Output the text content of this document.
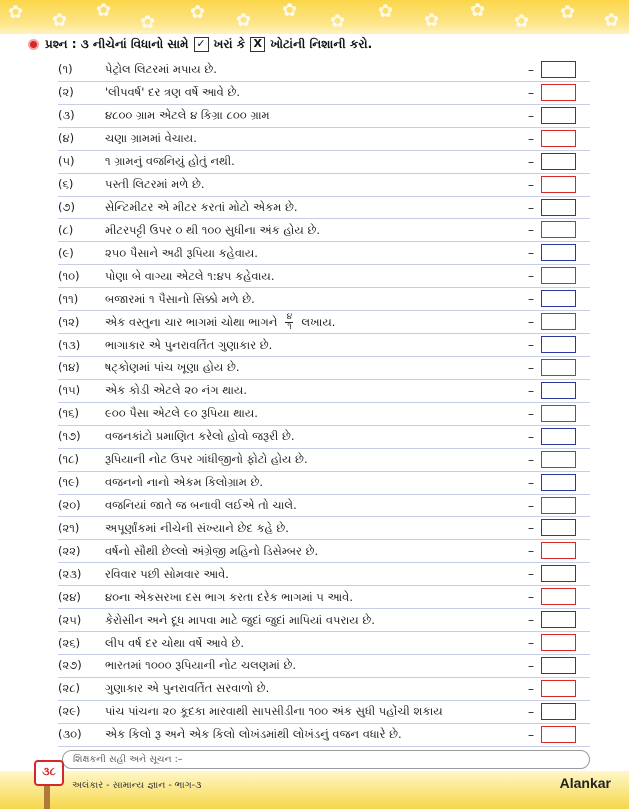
✿ ✿ ✿
✿ ✿ ✿ ✿
✿ ✿ ✿ ✿
✿ ✿ ✿
પ્રશ્ન : ૩ નીચેનાં વિધાનો સામે ✓ ખરાં કે X ખોટાંની નિશાની કરો.
(૧)	પેટ્રોલ લિટરમાં મપાય છે.	–
(૨)	'લીપવર્ષ' દર ત્રણ વર્ષે આવે છે.	–
(૩)	૪૮૦૦ ગ્રામ એટલે ૪ કિગ્રા ૮૦૦ ગ્રામ	–
(૪)	ચણા ગ્રામમાં વેચાય.	–
(૫)	૧ ગ્રામનું વજનિયું હોતું નથી.	–
(૬)	પસ્તી લિટરમાં મળે છે.	–
(૭)	સેન્ટિમીટર એ મીટર કરતાં મોટો એકમ છે.	–
(૮)	મીટરપટ્ટી ઉપર ૦ થી ૧૦૦ સુધીના અંક હોય છે.	–
(૯)	૨૫૦ પૈસાને અઢી રૂપિયા કહેવાય.	–
(૧૦)	પોણા બે વાગ્યા એટલે ૧:૪૫ કહેવાય.	–
(૧૧)	બજારમાં ૧ પૈસાનો સિક્કો મળે છે.	–
(૧૨)	એક વસ્તુના ચાર ભાગમાં ચોથા ભાગને $\frac{૪}{૧}$ લખાય.	–
(૧૩)	ભાગાકાર એ પુનરાવર્તિત ગુણાકાર છે.	–
(૧૪)	ષટ્કોણમાં પાંચ ખૂણા હોય છે.	–
(૧૫)	એક કોડી એટલે ૨૦ નંગ થાય.	–
(૧૬)	૯૦૦ પૈસા એટલે ૯૦ રૂપિયા થાય.	–
(૧૭)	વજનકાંટો પ્રમાણિત કરેલો હોવો જરૂરી છે.	–
(૧૮)	રૂપિયાની નોટ ઉપર ગાંધીજીનો ફોટો હોય છે.	–
(૧૯)	વજનનો નાનો એકમ કિલોગ્રામ છે.	–
(૨૦)	વજનિયાં જાતે જ બનાવી લઈએ તો ચાલે.	–
(૨૧)	અપૂર્ણાંકમાં નીચેની સંખ્યાને છેદ કહે છે.	–
(૨૨)	વર્ષનો સૌથી છેલ્લો અંગ્રેજી મહિનો ડિસેમ્બર છે.	–
(૨૩)	રવિવાર પછી સોમવાર આવે.	–
(૨૪)	૪૦ના એકસરખા દસ ભાગ કરતા દરેક ભાગમાં ૫ આવે.	–
(૨૫)	કેરોસીન અને દૂધ માપવા માટે જુદાં જુદાં માપિયાં વપરાય છે.	–
(૨૬)	લીપ વર્ષ દર ચોથા વર્ષે આવે છે.	–
(૨૭)	ભારતમાં ૧૦૦૦ રૂપિયાની નોટ ચલણમાં છે.	–
(૨૮)	ગુણાકાર એ પુનરાવર્તિત સરવાળો છે.	–
(૨૯)	પાંચ પાંચના ૨૦ કૂદકા મારવાથી સાપસીડીના ૧૦૦ અંક સુધી પહોંચી શકાય	–
(૩૦)	એક કિલો રૂ અને એક કિલો લોખંડમાંથી લોખંડનું વજન વધારે છે.	–
શિક્ષકની સહી અને સૂચન :–
અલંકાર - સામાન્ય જ્ઞાન - ભાગ-૩	Alankar
૩૮
